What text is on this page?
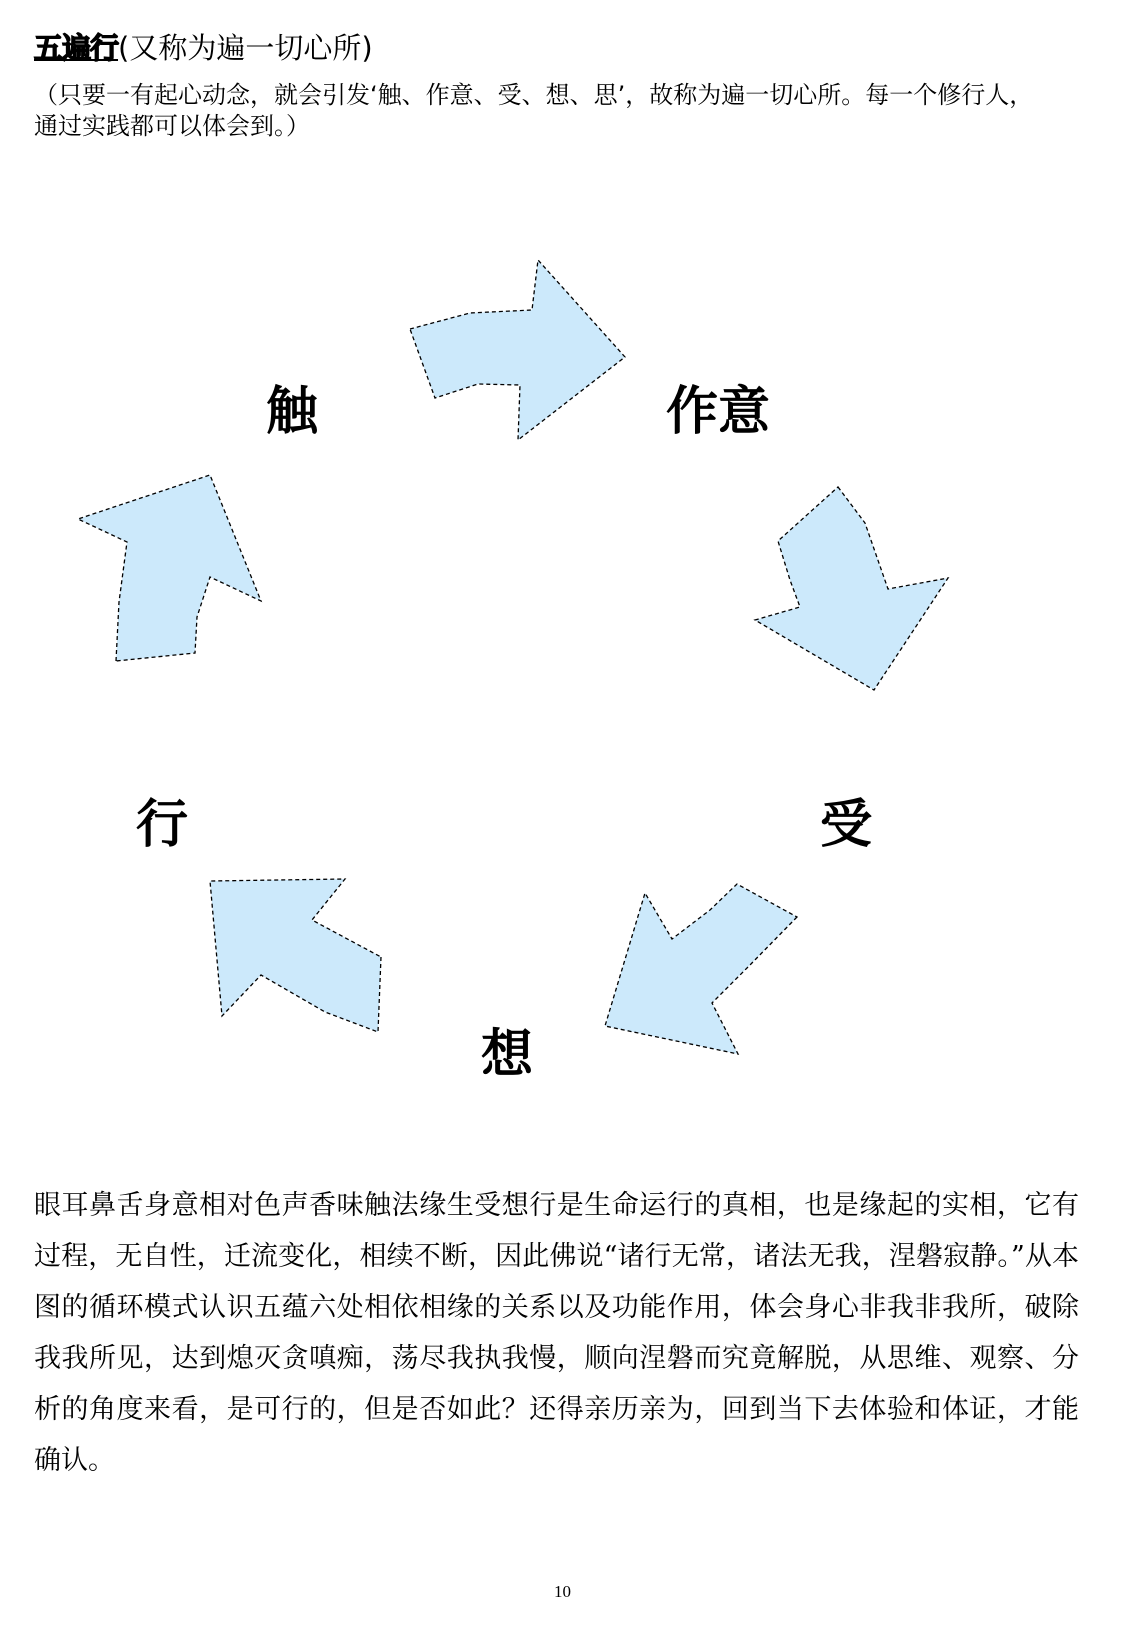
五遍行(又称为遍一切心所)
（只要一有起心动念，就会引发‘触、作意、受、想、思’，故称为遍一切心所。每一个修行人，通过实践都可以体会到。）
触	作意
受
想
行
眼耳鼻舌身意相对色声香味触法缘生受想行是生命运行的真相，也是缘起的实相，它有过程，无自性，迁流变化，相续不断，因此佛说“诸行无常，诸法无我，涅磐寂静。”从本图的循环模式认识五蕴六处相依相缘的关系以及功能作用，体会身心非我非我所，破除我我所见，达到熄灭贪嗔痴，荡尽我执我慢，顺向涅磐而究竟解脱，从思维、观察、分析的角度来看，是可行的，但是否如此？还得亲历亲为，回到当下去体验和体证，才能确认。
10
